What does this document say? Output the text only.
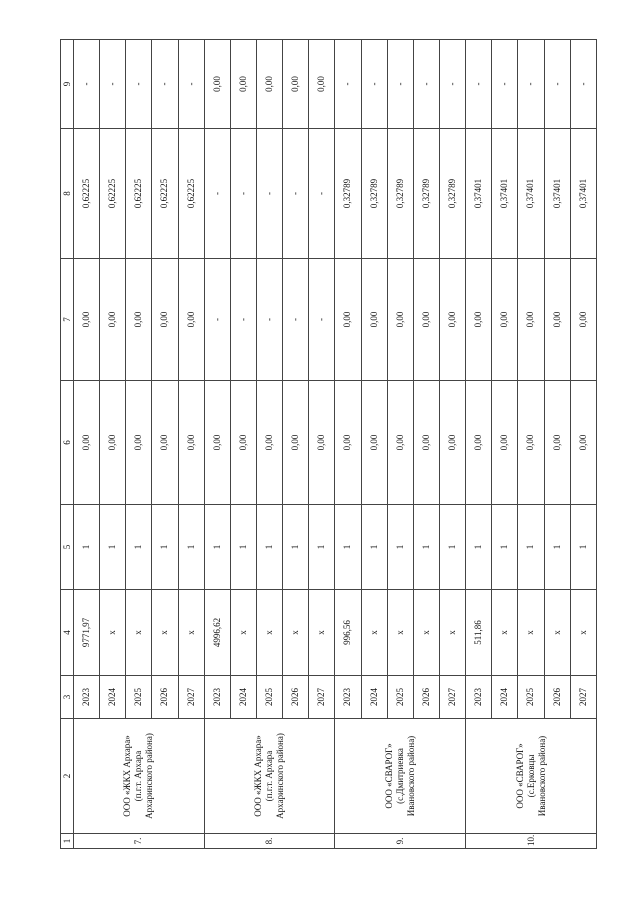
1	2	3	4	5	6	7	8	9
7.	ООО «ЖКХ Архара» (п.г.т. Архара Архаринского района)	2023	9771,97	1	0,00	0,00	0,62225	-
		2024	x	1	0,00	0,00	0,62225	-
		2025	x	1	0,00	0,00	0,62225	-
		2026	x	1	0,00	0,00	0,62225	-
		2027	x	1	0,00	0,00	0,62225	-
8.	ООО «ЖКХ Архара» (п.г.т. Архара Архаринского района)	2023	4996,62	1	0,00	-	-	0,00
		2024	x	1	0,00	-	-	0,00
		2025	x	1	0,00	-	-	0,00
		2026	x	1	0,00	-	-	0,00
		2027	x	1	0,00	-	-	0,00
9.	ООО «СВАРОГ» (с.Дмитриевка Ивановского района)	2023	996,56	1	0,00	0,00	0,32789	-
		2024	x	1	0,00	0,00	0,32789	-
		2025	x	1	0,00	0,00	0,32789	-
		2026	x	1	0,00	0,00	0,32789	-
		2027	x	1	0,00	0,00	0,32789	-
10.	ООО «СВАРОГ» (с.Ерковцы Ивановского района)	2023	511,86	1	0,00	0,00	0,37401	-
		2024	x	1	0,00	0,00	0,37401	-
		2025	x	1	0,00	0,00	0,37401	-
		2026	x	1	0,00	0,00	0,37401	-
		2027	x	1	0,00	0,00	0,37401	-
